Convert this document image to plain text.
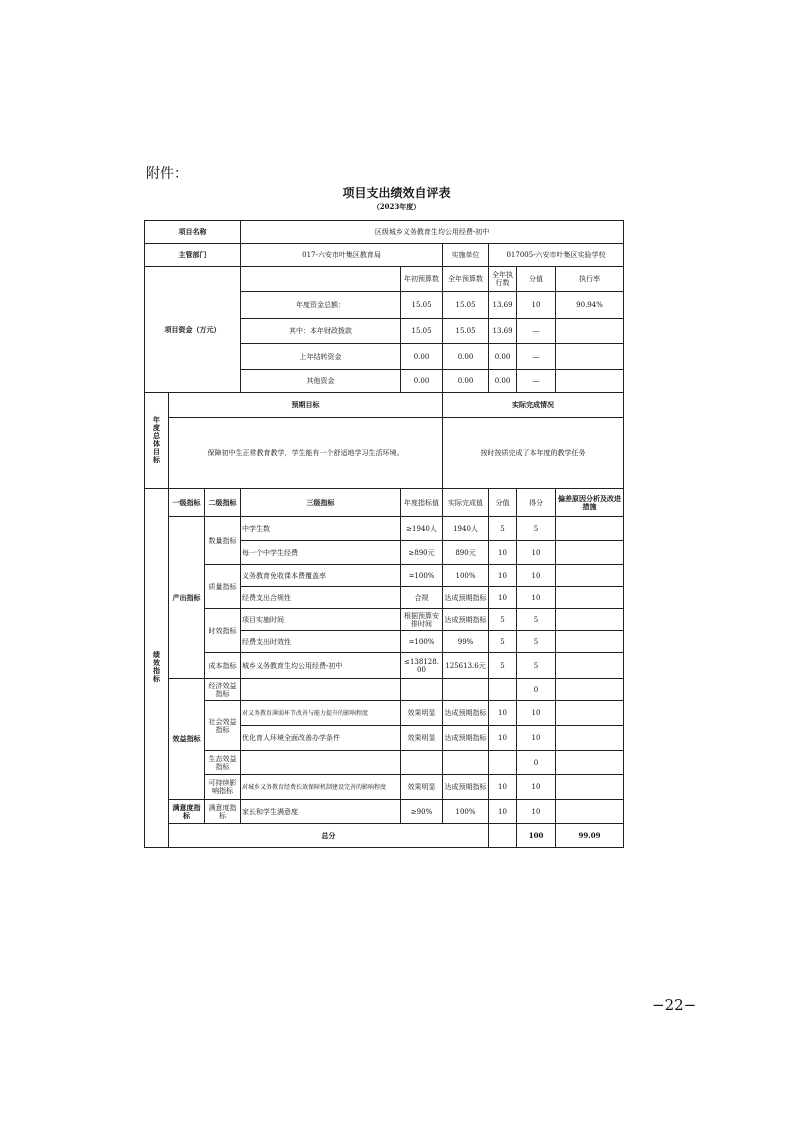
附件：
项目支出绩效自评表
（2023年度）
项目名称			区级城乡义务教育生均公用经费-初中						
主管部门			017-六安市叶集区教育局		实施单位	017005-六安市叶集区实验学校			
项目资金（万元）				年初预算数	全年预算数	全年执行数	分值	执行率	
			年度资金总额：	15.05	15.05	13.69	10	90.94%	
			其中：本年财政拨款	15.05	15.05	13.69	—		
			上年结转资金	0.00	0.00	0.00	—		
			其他资金	0.00	0.00	0.00	—		
年度总体目标	预期目标				实际完成情况				
	保障初中生正常教育教学，学生能有一个舒适地学习生活环境。				按时按质完成了本年度的教学任务				
绩效指标	一级指标	二级指标	三级指标	年度指标值	实际完成值	分值	得分	偏差原因分析及改进措施	
	产出指标	数量指标	中学生数	≥1940人	1940人	5	5		
			每一个中学生经费	≥890元	890元	10	10		
		质量指标	义务教育免收课本费覆盖率	=100%	100%	10	10		
			经费支出合规性	合规	达成预期指标	10	10		
		时效指标	项目实施时间	根据预算安排时间	达成预期指标	5	5		
			经费支出时效性	=100%	99%	5	5		
		成本指标	城乡义务教育生均公用经费-初中	≤138128.00	125613.6元	5	5		
	效益指标	经济效益指标					0		
		社会效益指标	对义务教育薄弱环节改善与能力提升的影响程度	效果明显	达成预期指标	10	10		
			优化育人环境全面改善办学条件	效果明显	达成预期指标	10	10		
		生态效益指标					0		
		可持续影响指标	对城乡义务教育经费长效保障机制建设完善的影响程度	效果明显	达成预期指标	10	10		
	满意度指标	满意度指标	家长和学生满意度	≥90%	100%	10	10		
	总分						100	99.09	
−22−
